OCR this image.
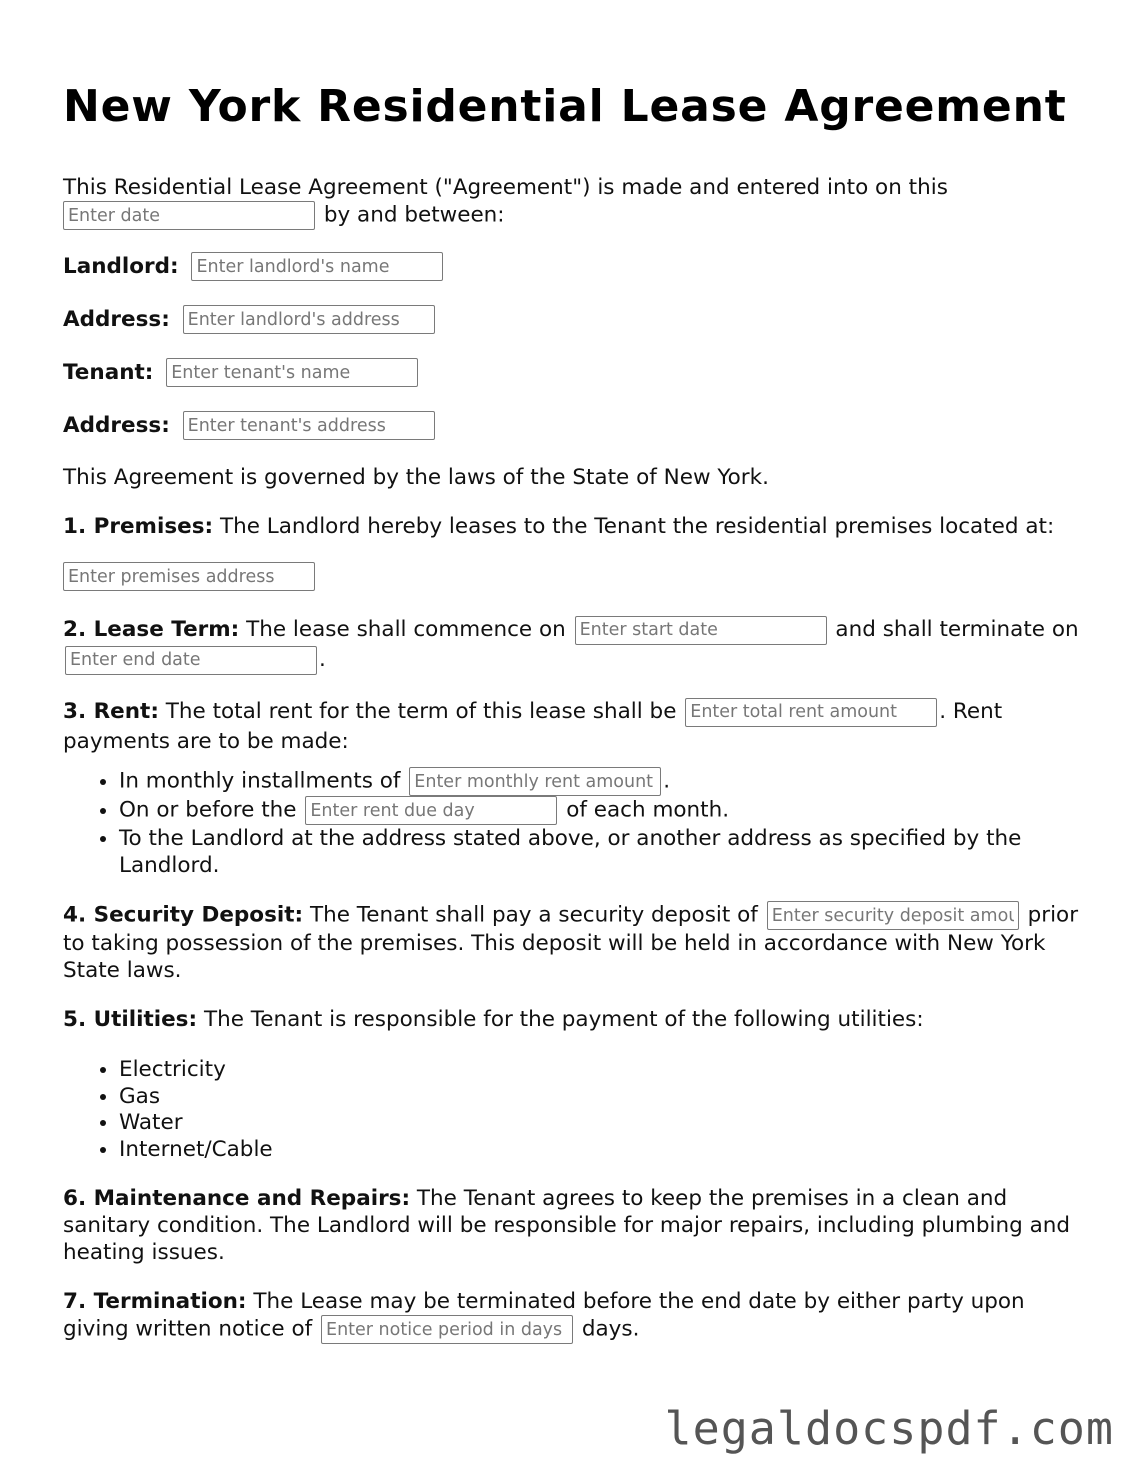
New York Residential Lease Agreement

This Residential Lease Agreement ("Agreement") is made and entered into on this
Enter date by and between:

Landlord: Enter landlord's name

Address: Enter landlord's address

Tenant: Enter tenant's name

Address: Enter tenant's address

This Agreement is governed by the laws of the State of New York.

1. Premises: The Landlord hereby leases to the Tenant the residential premises located at:

Enter premises address

2. Lease Term: The lease shall commence on Enter start date	and shall terminate on Enter end date.

3. Rent: The total rent for the term of this lease shall be Enter total rent amount	. Rent payments are to be made:

• In monthly installments of Enter monthly rent amount	.
• On or before the Enter rent due day	of each month.
• To the Landlord at the address stated above, or another address as specified by the Landlord.

4. Security Deposit: The Tenant shall pay a security deposit of Enter security deposit amount	prior to taking possession of the premises. This deposit will be held in accordance with New York State laws.

5. Utilities: The Tenant is responsible for the payment of the following utilities:

• Electricity
• Gas
• Water
• Internet/Cable

6. Maintenance and Repairs: The Tenant agrees to keep the premises in a clean and sanitary condition. The Landlord will be responsible for major repairs, including plumbing and heating issues.

7. Termination: The Lease may be terminated before the end date by either party upon giving written notice of Enter notice period in days	days.

legaldocspdf.com
